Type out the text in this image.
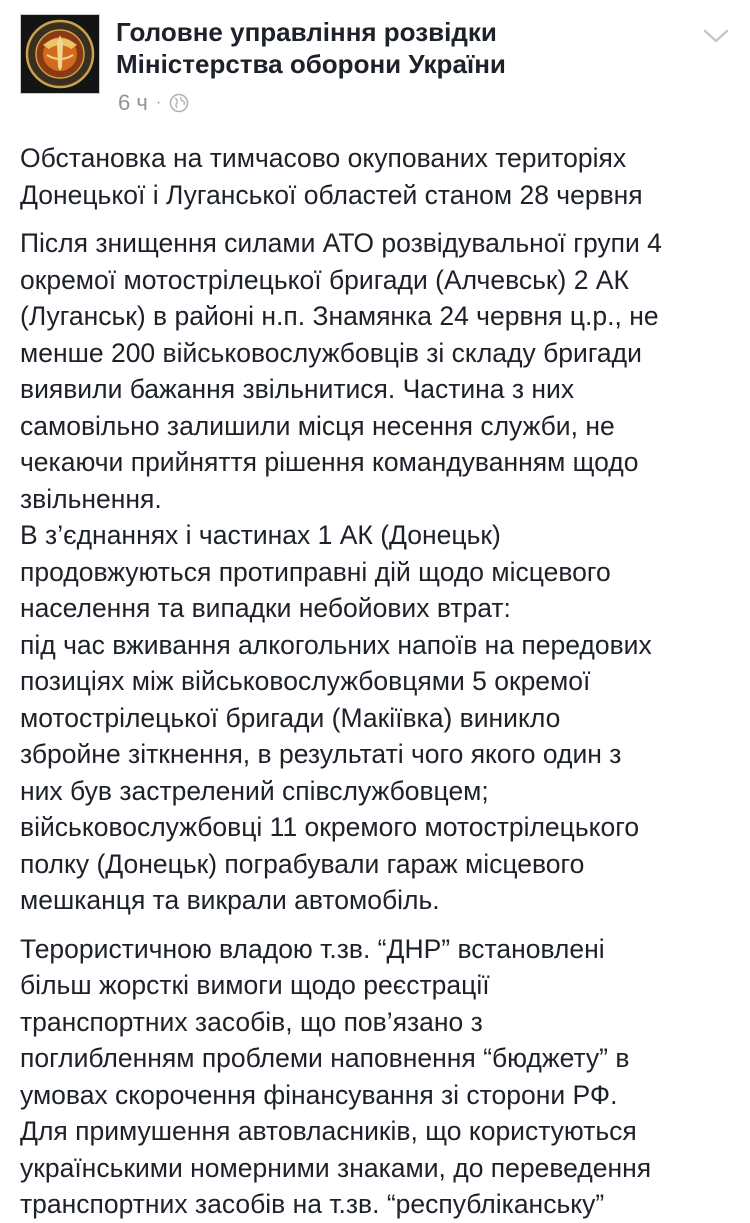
Головне управління розвідки
Міністерства оборони України
6 ч ·

Обстановка на тимчасово окупованих територіях
Донецької і Луганської областей станом 28 червня

Після знищення силами АТО розвідувальної групи 4
окремої мотострілецької бригади (Алчевськ) 2 АК
(Луганськ) в районі н.п. Знамянка 24 червня ц.р., не
менше 200 військовослужбовців зі складу бригади
виявили бажання звільнитися. Частина з них
самовільно залишили місця несення служби, не
чекаючи прийняття рішення командуванням щодо
звільнення.
В з’єднаннях і частинах 1 АК (Донецьк)
продовжуються протиправні дій щодо місцевого
населення та випадки небойових втрат:
під час вживання алкогольних напоїв на передових
позиціях між військовослужбовцями 5 окремої
мотострілецької бригади (Макіївка) виникло
збройне зіткнення, в результаті чого якого один з
них був застрелений співслужбовцем;
військовослужбовці 11 окремого мотострілецького
полку (Донецьк) пограбували гараж місцевого
мешканця та викрали автомобіль.

Терористичною владою т.зв. “ДНР” встановлені
більш жорсткі вимоги щодо реєстрації
транспортних засобів, що пов’язано з
поглибленням проблеми наповнення “бюджету” в
умовах скорочення фінансування зі сторони РФ.
Для примушення автовласників, що користуються
українськими номерними знаками, до переведення
транспортних засобів на т.зв. “республіканську”
